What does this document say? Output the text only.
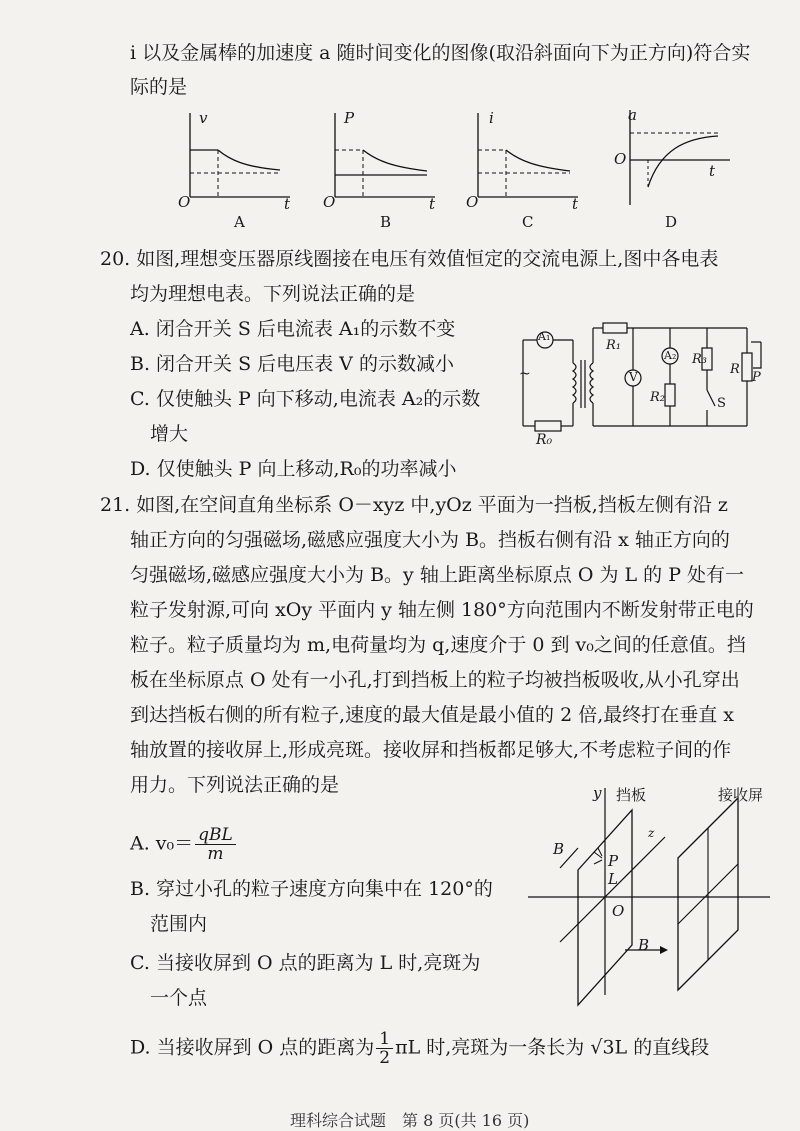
i 以及金属棒的加速度 a 随时间变化的图像(取沿斜面向下为正方向)符合实
际的是
v
O	t
A
P
O	t
B
i
O	t
C
a
O
t
D
20. 如图,理想变压器原线圈接在电压有效值恒定的交流电源上,图中各电表
均为理想电表。下列说法正确的是
A. 闭合开关 S 后电流表 A₁的示数不变
B. 闭合开关 S 后电压表 V 的示数减小
C. 仅使触头 P 向下移动,电流表 A₂的示数
增大
D. 仅使触头 P 向上移动,R₀的功率减小
A₁
~
R₀
R₁
V
A₂
R₂
R₃
S
R
P
21. 如图,在空间直角坐标系 O－xyz 中,yOz 平面为一挡板,挡板左侧有沿 z
轴正方向的匀强磁场,磁感应强度大小为 B。挡板右侧有沿 x 轴正方向的
匀强磁场,磁感应强度大小为 B。y 轴上距离坐标原点 O 为 L 的 P 处有一
粒子发射源,可向 xOy 平面内 y 轴左侧 180°方向范围内不断发射带正电的
粒子。粒子质量均为 m,电荷量均为 q,速度介于 0 到 v₀之间的任意值。挡
板在坐标原点 O 处有一小孔,打到挡板上的粒子均被挡板吸收,从小孔穿出
到达挡板右侧的所有粒子,速度的最大值是最小值的 2 倍,最终打在垂直 x
轴放置的接收屏上,形成亮斑。接收屏和挡板都足够大,不考虑粒子间的作
用力。下列说法正确的是
A. $v_0= \frac{\text{qBL}}{m}$
B. 穿过小孔的粒子速度方向集中在 120°的
范围内
C. 当接收屏到 O 点的距离为 L 时,亮斑为
一个点
D. 当接收屏到 O 点的距离为 $\frac{1}{2}$ πL 时,亮斑为一条长为 √3L 的直线段
y 挡板	接收屏
z
B
P
L
O
B
理科综合试题　第 8 页(共 16 页)
